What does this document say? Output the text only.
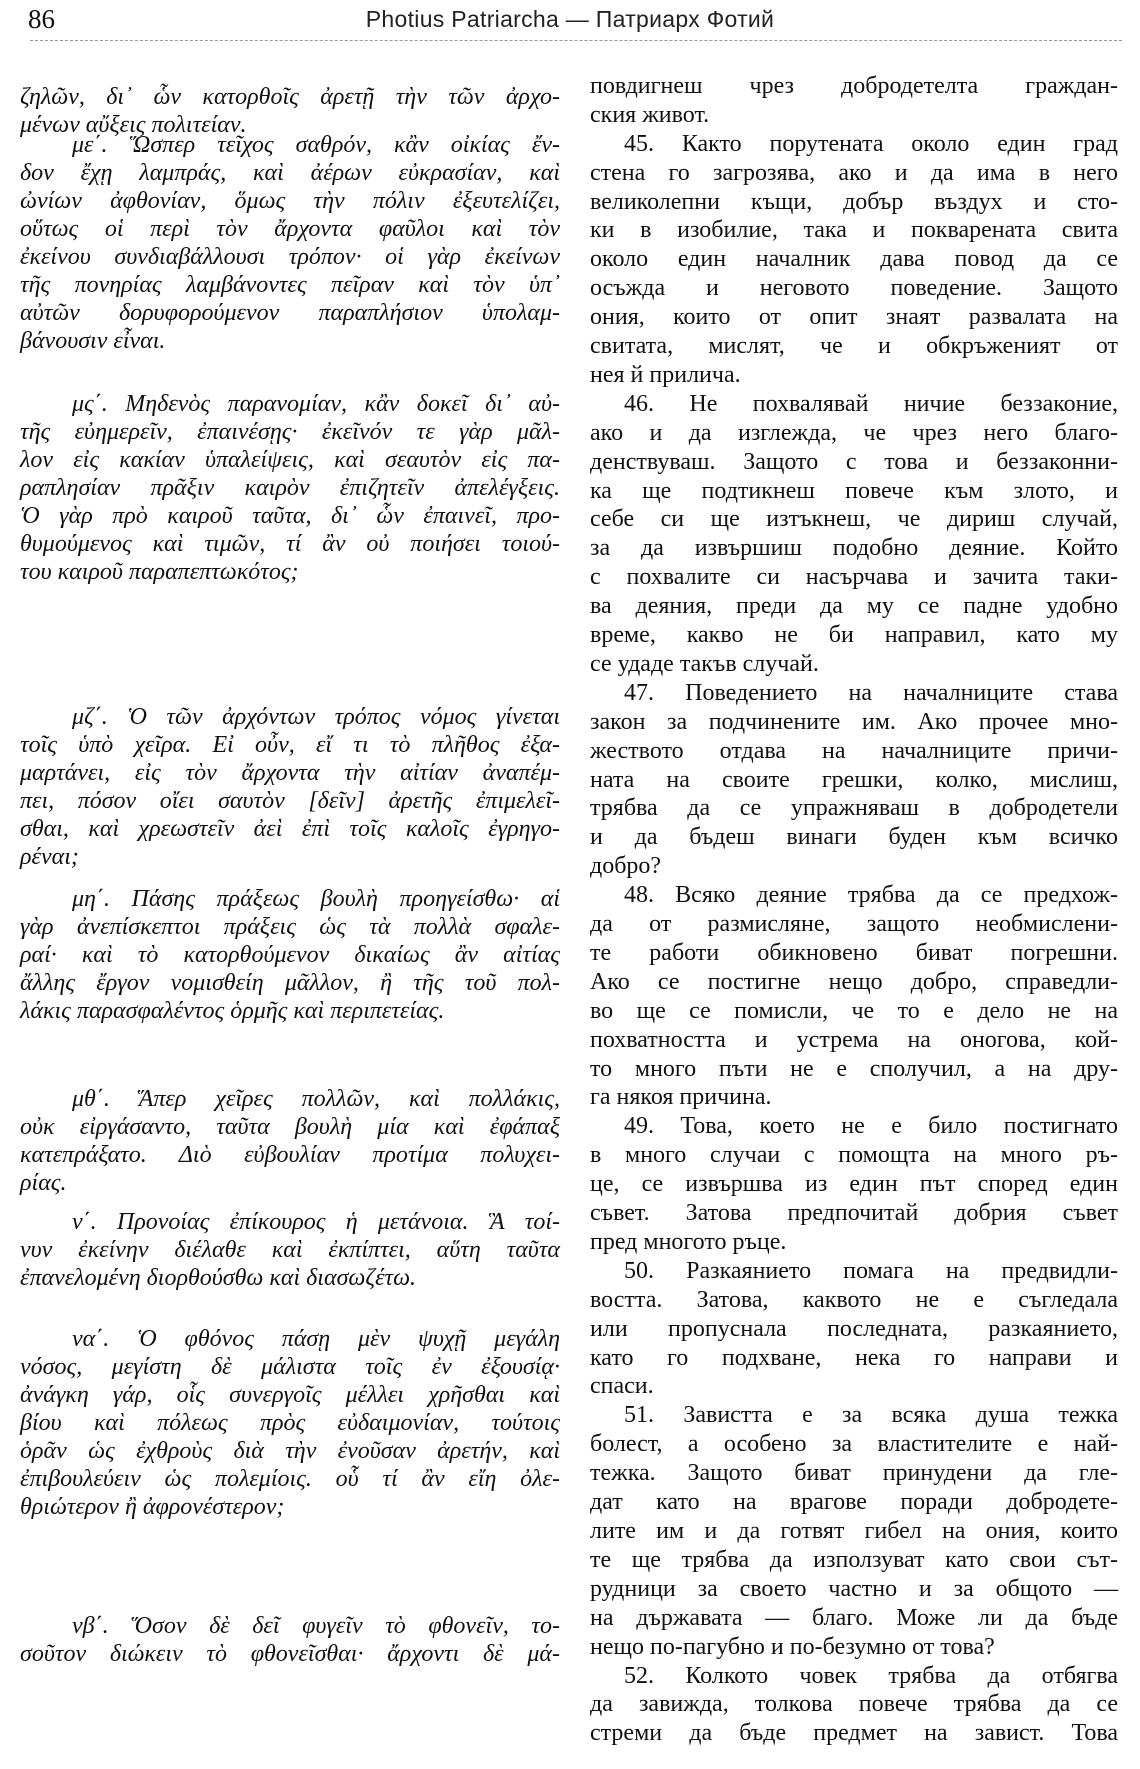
86	Photius Patriarcha — Патриарх Фотий
ζηλῶν, δι᾽ ὧν κατορθοῖς ἀρετῇ τὴν τῶν ἀρχο-
μένων αὔξεις πολιτείαν.
με΄. Ὥσπερ τεῖχος σαθρόν, κἂν οἰκίας ἔν-
δον ἔχῃ λαμπράς, καὶ ἀέρων εὐκρασίαν, καὶ
ὠνίων ἀφθονίαν, ὅμως τὴν πόλιν ἐξευτελίζει,
οὕτως οἱ περὶ τὸν ἄρχοντα φαῦλοι καὶ τὸν
ἐκείνου συνδιαβάλλουσι τρόπον· οἱ γὰρ ἐκείνων
τῆς πονηρίας λαμβάνοντες πεῖραν καὶ τὸν ὑπ᾽
αὐτῶν δορυφορούμενον παραπλήσιον ὑπολαμ-
βάνουσιν εἶναι.
μς΄. Μηδενὸς παρανομίαν, κἂν δοκεῖ δι᾽ αὐ-
τῆς εὐημερεῖν, ἐπαινέσῃς· ἐκεῖνόν τε γὰρ μᾶλ-
λον εἰς κακίαν ὑπαλείψεις, καὶ σεαυτὸν εἰς πα-
ραπλησίαν πρᾶξιν καιρὸν ἐπιζητεῖν ἀπελέγξεις.
Ὁ γὰρ πρὸ καιροῦ ταῦτα, δι᾽ ὧν ἐπαινεῖ, προ-
θυμούμενος καὶ τιμῶν, τί ἂν οὐ ποιήσει τοιού-
του καιροῦ παραπεπτωκότος;
μζ΄. Ὁ τῶν ἀρχόντων τρόπος νόμος γίνεται
τοῖς ὑπὸ χεῖρα. Εἰ οὖν, εἴ τι τὸ πλῆθος ἐξα-
μαρτάνει, εἰς τὸν ἄρχοντα τὴν αἰτίαν ἀναπέμ-
πει, πόσον οἴει σαυτὸν [δεῖν] ἀρετῆς ἐπιμελεῖ-
σθαι, καὶ χρεωστεῖν ἀεὶ ἐπὶ τοῖς καλοῖς ἐγρηγο-
ρέναι;
μη΄. Πάσης πράξεως βουλὴ προηγείσθω· αἱ
γὰρ ἀνεπίσκεπτοι πράξεις ὡς τὰ πολλὰ σφαλε-
ραί· καὶ τὸ κατορθούμενον δικαίως ἂν αἰτίας
ἄλλης ἔργον νομισθείη μᾶλλον, ἢ τῆς τοῦ πολ-
λάκις παρασφαλέντος ὁρμῆς καὶ περιπετείας.
μθ΄. Ἅπερ χεῖρες πολλῶν, καὶ πολλάκις,
οὐκ εἰργάσαντο, ταῦτα βουλὴ μία καὶ ἐφάπαξ
κατεπράξατο. Διὸ εὐβουλίαν προτίμα πολυχει-
ρίας.
ν΄. Προνοίας ἐπίκουρος ἡ μετάνοια. Ἃ τοί-
νυν ἐκείνην διέλαθε καὶ ἐκπίπτει, αὕτη ταῦτα
ἐπανελομένη διορθούσθω καὶ διασωζέτω.
να΄. Ὁ φθόνος πάσῃ μὲν ψυχῇ μεγάλη
νόσος, μεγίστη δὲ μάλιστα τοῖς ἐν ἐξουσίᾳ·
ἀνάγκη γάρ, οἷς συνεργοῖς μέλλει χρῆσθαι καὶ
βίου καὶ πόλεως πρὸς εὐδαιμονίαν, τούτοις
ὁρᾶν ὡς ἐχθροὺς διὰ τὴν ἐνοῦσαν ἀρετήν, καὶ
ἐπιβουλεύειν ὡς πολεμίοις. οὗ τί ἂν εἴη ὀλε-
θριώτερον ἢ ἀφρονέστερον;
νβ΄. Ὅσον δὲ δεῖ φυγεῖν τὸ φθονεῖν, το-
σοῦτον διώκειν τὸ φθονεῖσθαι· ἄρχοντι δὲ μά-
повдигнеш чрез добродетелта граждан-
ския живот.
45. Както порутената около един град
стена го загрозява, ако и да има в него
великолепни къщи, добър въздух и сто-
ки в изобилие, така и покварената свита
около един началник дава повод да се
осъжда и неговото поведение. Защото
ония, които от опит знаят развалата на
свитата, мислят, че и обкръженият от
нея й прилича.
46. Не похвалявай ничие беззаконие,
ако и да изглежда, че чрез него благо-
денствуваш. Защото с това и беззаконни-
ка ще подтикнеш повече към злото, и
себе си ще изтъкнеш, че дириш случай,
за да извършиш подобно деяние. Който
с похвалите си насърчава и зачита таки-
ва деяния, преди да му се падне удобно
време, какво не би направил, като му
се удаде такъв случай.
47. Поведението на началниците става
закон за подчинените им. Ако прочее мно-
жеството отдава на началниците причи-
ната на своите грешки, колко, мислиш,
трябва да се упражняваш в добродетели
и да бъдеш винаги буден към всичко
добро?
48. Всяко деяние трябва да се предхож-
да от размисляне, защото необмислени-
те работи обикновено биват погрешни.
Ако се постигне нещо добро, справедли-
во ще се помисли, че то е дело не на
похватността и устрема на оногова, кой-
то много пъти не е сполучил, а на дру-
га някоя причина.
49. Това, което не е било постигнато
в много случаи с помощта на много ръ-
це, се извършва из един път според един
съвет. Затова предпочитай добрия съвет
пред многото ръце.
50. Разкаянието помага на предвидли-
востта. Затова, каквото не е съгледала
или пропуснала последната, разкаянието,
като го подхване, нека го направи и
спаси.
51. Завистта е за всяка душа тежка
болест, а особено за властителите е най-
тежка. Защото биват принудени да гле-
дат като на врагове поради добродете-
лите им и да готвят гибел на ония, които
те ще трябва да използуват като свои сът-
рудници за своето частно и за общото —
на държавата — благо. Може ли да бъде
нещо по-пагубно и по-безумно от това?
52. Колкото човек трябва да отбягва
да завижда, толкова повече трябва да се
стреми да бъде предмет на завист. Това
